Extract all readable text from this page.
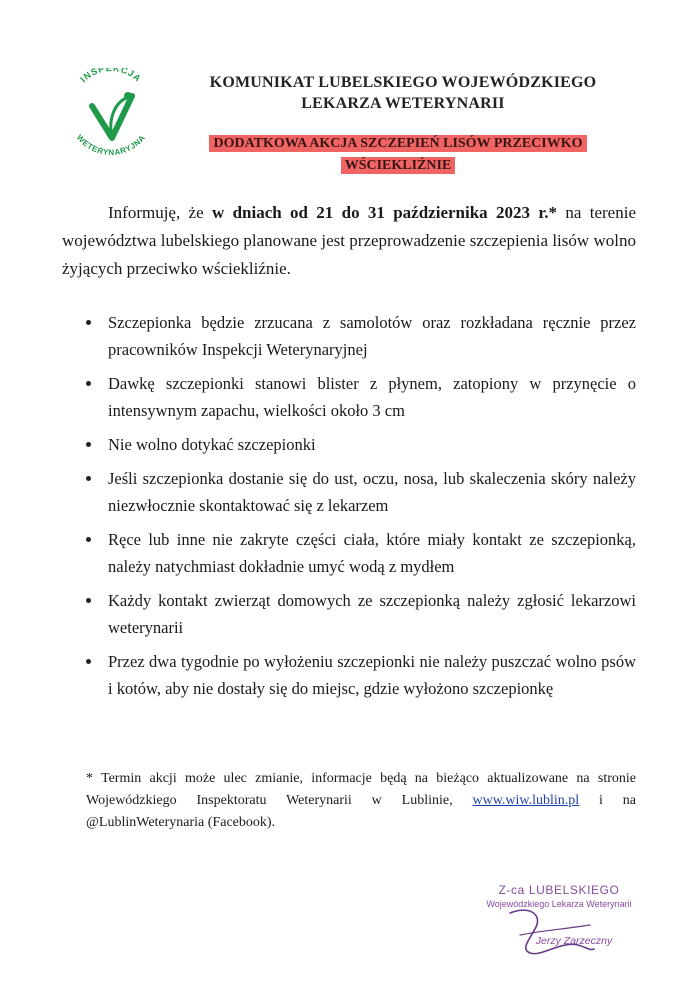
INSPEKCJA
WETERYNARYJNA
KOMUNIKAT LUBELSKIEGO WOJEWÓDZKIEGO
LEKARZA WETERYNARII
DODATKOWA AKCJA SZCZEPIEŃ LISÓW PRZECIWKO WŚCIEKLIŹNIE
Informuję, że w dniach od 21 do 31 października 2023 r.* na terenie województwa lubelskiego planowane jest przeprowadzenie szczepienia lisów wolno żyjących przeciwko wściekliźnie.
Szczepionka będzie zrzucana z samolotów oraz rozkładana ręcznie przez pracowników Inspekcji Weterynaryjnej
Dawkę szczepionki stanowi blister z płynem, zatopiony w przynęcie o intensywnym zapachu, wielkości około 3 cm
Nie wolno dotykać szczepionki
Jeśli szczepionka dostanie się do ust, oczu, nosa, lub skaleczenia skóry należy niezwłocznie skontaktować się z lekarzem
Ręce lub inne nie zakryte części ciała, które miały kontakt ze szczepionką, należy natychmiast dokładnie umyć wodą z mydłem
Każdy kontakt zwierząt domowych ze szczepionką należy zgłosić lekarzowi weterynarii
Przez dwa tygodnie po wyłożeniu szczepionki nie należy puszczać wolno psów i kotów, aby nie dostały się do miejsc, gdzie wyłożono szczepionkę
* Termin akcji może ulec zmianie, informacje będą na bieżąco aktualizowane na stronie Wojewódzkiego Inspektoratu Weterynarii w Lublinie, www.wiw.lublin.pl i na @LublinWeterynaria (Facebook).
Z-ca LUBELSKIEGO
Wojewódzkiego Lekarza Weterynarii
Jerzy Zarzeczny
